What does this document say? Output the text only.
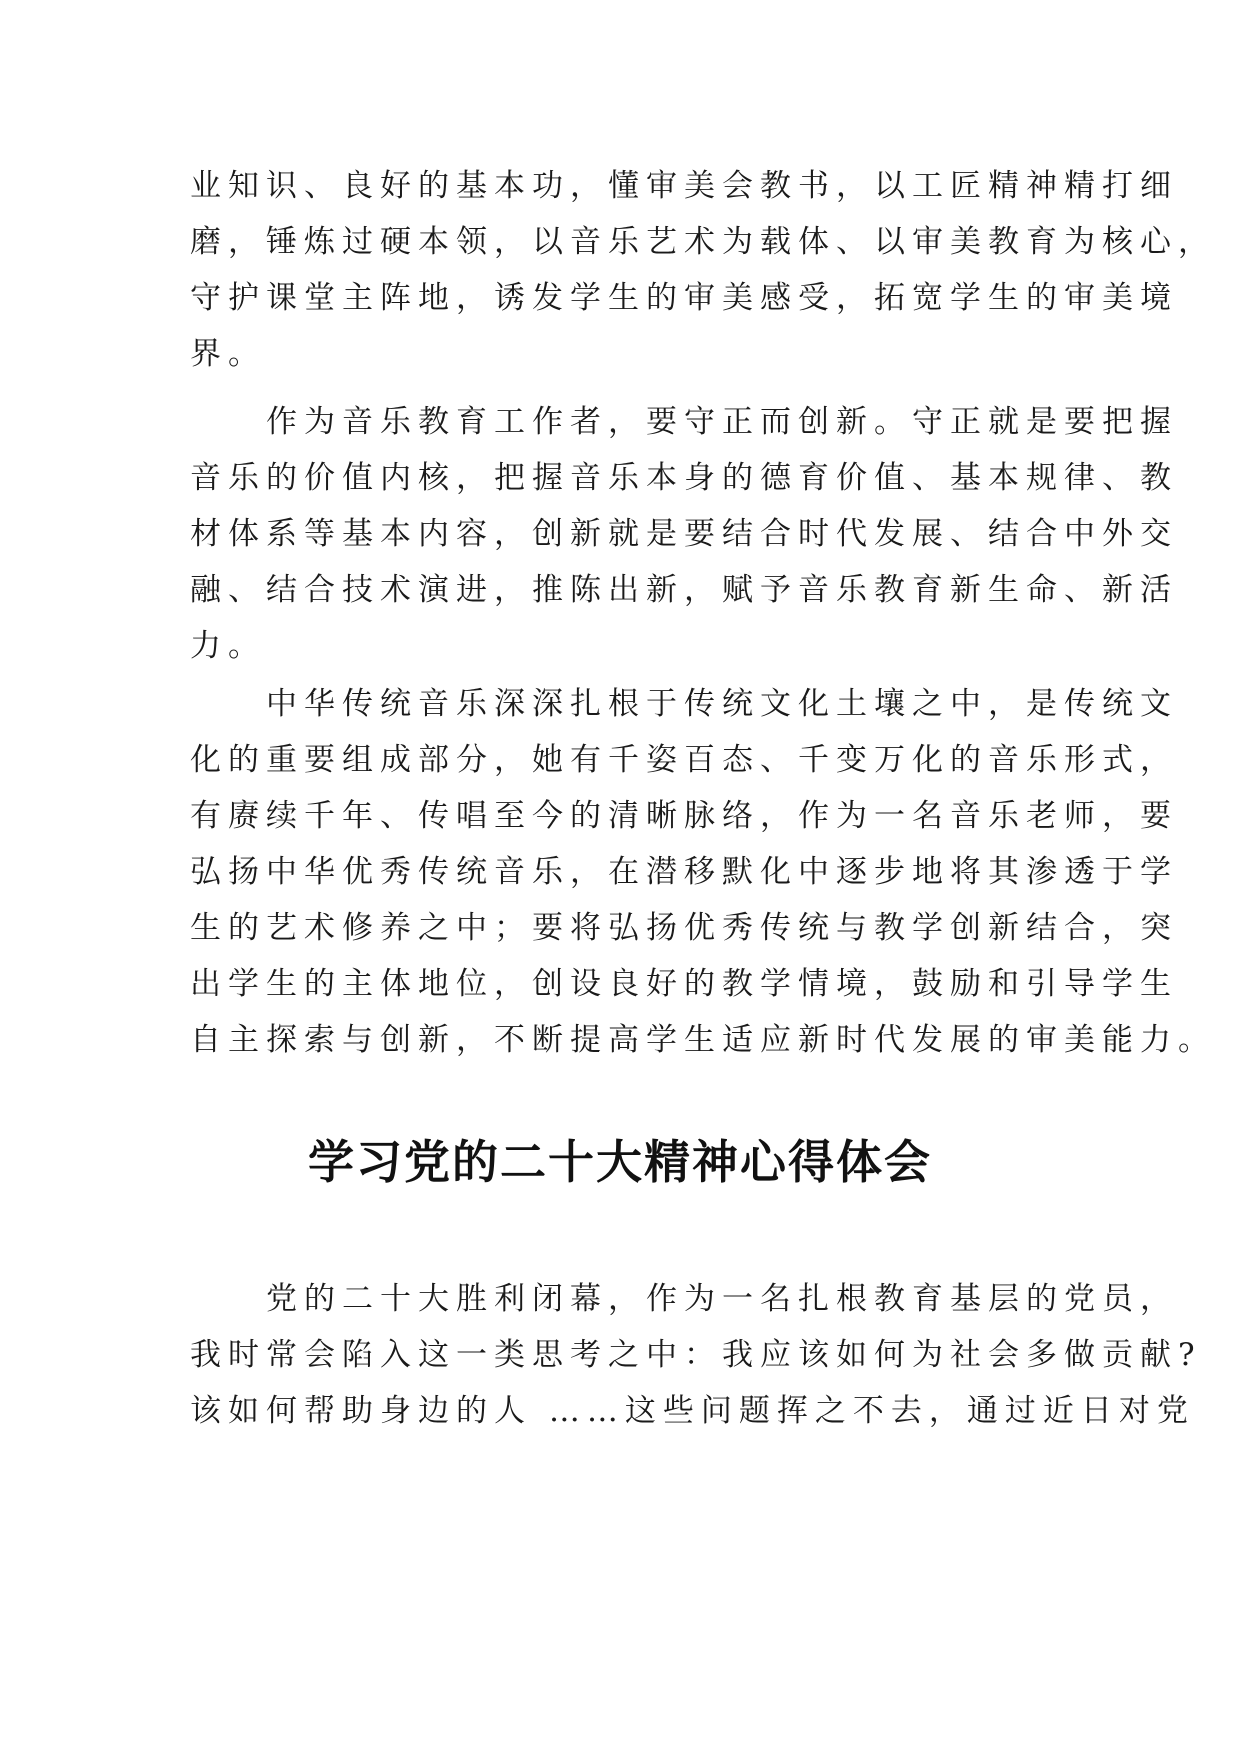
业知识、良好的基本功，懂审美会教书，以工匠精神精打细
磨，锤炼过硬本领，以音乐艺术为载体、以审美教育为核心，
守护课堂主阵地，诱发学生的审美感受，拓宽学生的审美境
界。
　　作为音乐教育工作者，要守正而创新。守正就是要把握
音乐的价值内核，把握音乐本身的德育价值、基本规律、教
材体系等基本内容，创新就是要结合时代发展、结合中外交
融、结合技术演进，推陈出新，赋予音乐教育新生命、新活
力。
　　中华传统音乐深深扎根于传统文化土壤之中，是传统文
化的重要组成部分，她有千姿百态、千变万化的音乐形式，
有赓续千年、传唱至今的清晰脉络，作为一名音乐老师，要
弘扬中华优秀传统音乐，在潜移默化中逐步地将其渗透于学
生的艺术修养之中；要将弘扬优秀传统与教学创新结合，突
出学生的主体地位，创设良好的教学情境，鼓励和引导学生
自主探索与创新，不断提高学生适应新时代发展的审美能力。
学习党的二十大精神心得体会
　　党的二十大胜利闭幕，作为一名扎根教育基层的党员，
我时常会陷入这一类思考之中：我应该如何为社会多做贡献?
该如何帮助身边的人 ……这些问题挥之不去，通过近日对党
